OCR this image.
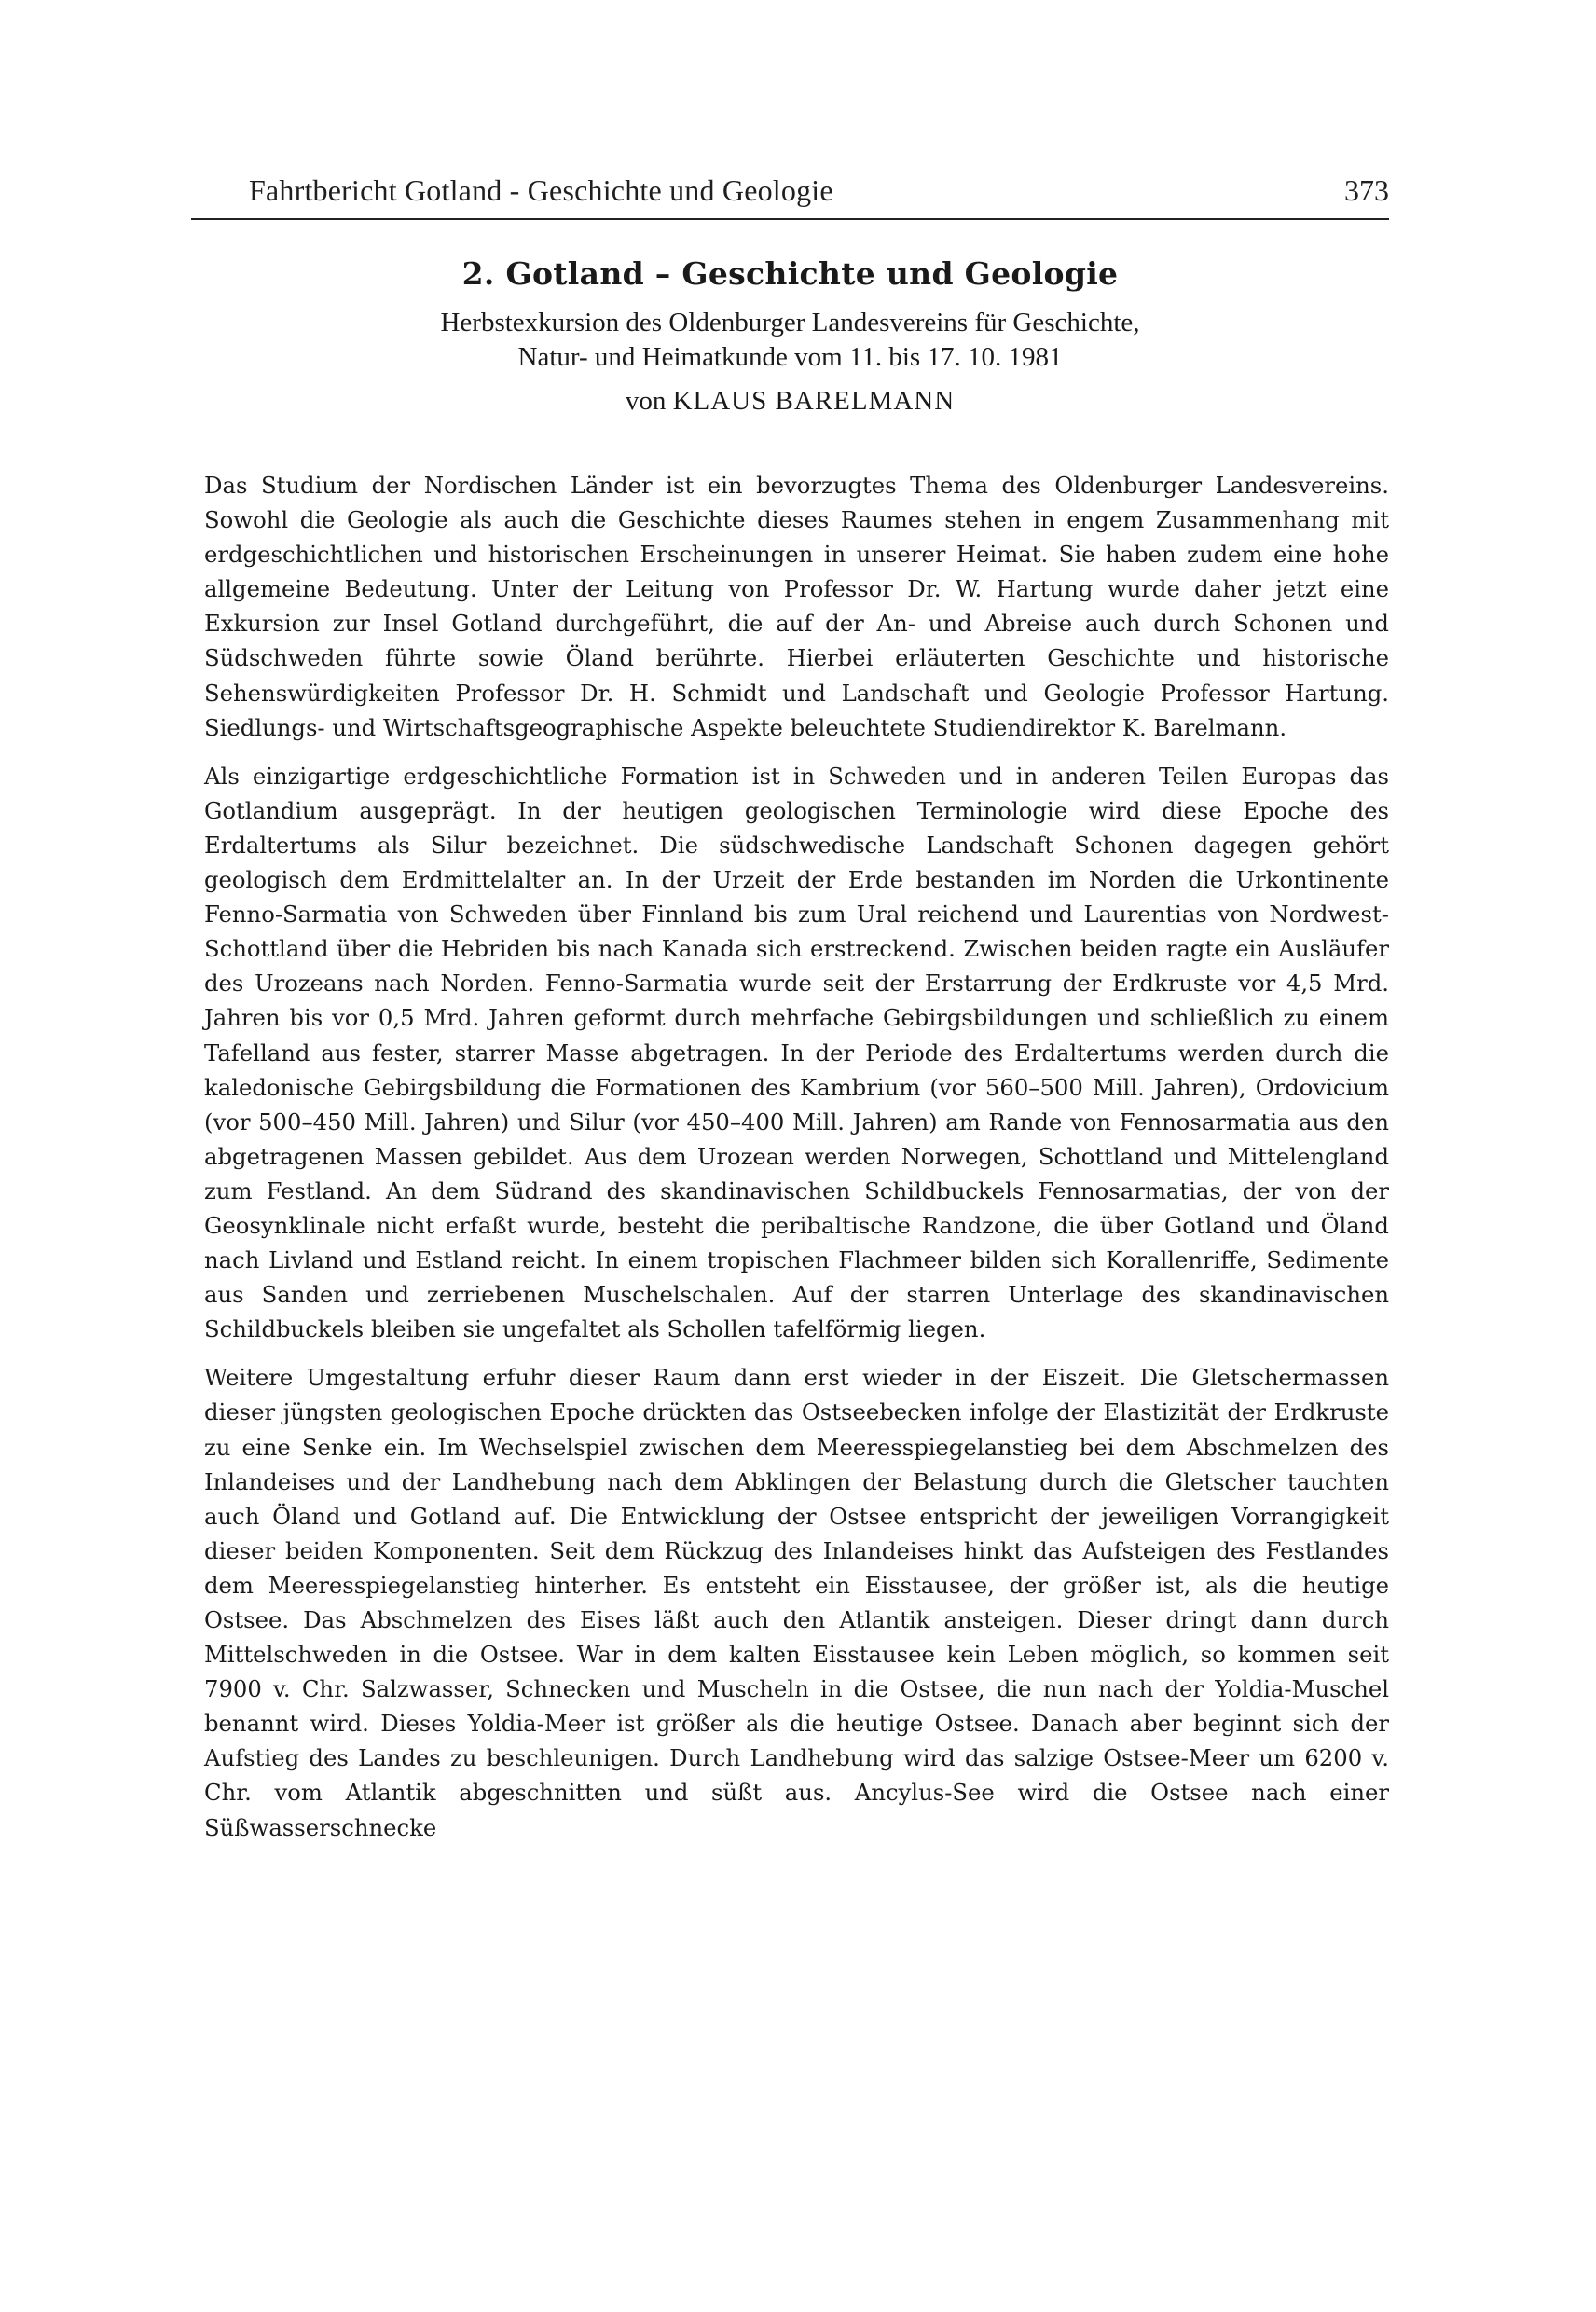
Fahrtbericht Gotland - Geschichte und Geologie	373
2. Gotland – Geschichte und Geologie

Herbstexkursion des Oldenburger Landesvereins für Geschichte,

Natur- und Heimatkunde vom 11. bis 17. 10. 1981

von KLAUS BARELMANN

Das Studium der Nordischen Länder ist ein bevorzugtes Thema des Oldenburger Landesvereins. Sowohl die Geologie als auch die Geschichte dieses Raumes stehen in engem Zusammenhang mit erdgeschichtlichen und historischen Erscheinungen in unserer Heimat. Sie haben zudem eine hohe allgemeine Bedeutung. Unter der Leitung von Professor Dr. W. Hartung wurde daher jetzt eine Exkursion zur Insel Gotland durchgeführt, die auf der An- und Abreise auch durch Schonen und Südschweden führte sowie Öland berührte. Hierbei erläuterten Geschichte und historische Sehenswürdigkeiten Professor Dr. H. Schmidt und Landschaft und Geologie Professor Hartung. Siedlungs- und Wirtschaftsgeographische Aspekte beleuchtete Studiendirektor K. Barelmann.

Als einzigartige erdgeschichtliche Formation ist in Schweden und in anderen Teilen Europas das Gotlandium ausgeprägt. In der heutigen geologischen Terminologie wird diese Epoche des Erdaltertums als Silur bezeichnet. Die südschwedische Landschaft Schonen dagegen gehört geologisch dem Erdmittelalter an. In der Urzeit der Erde bestanden im Norden die Urkontinente Fenno-Sarmatia von Schweden über Finnland bis zum Ural reichend und Laurentias von Nordwest-Schottland über die Hebriden bis nach Kanada sich erstreckend. Zwischen beiden ragte ein Ausläufer des Urozeans nach Norden. Fenno-Sarmatia wurde seit der Erstarrung der Erdkruste vor 4,5 Mrd. Jahren bis vor 0,5 Mrd. Jahren geformt durch mehrfache Gebirgsbildungen und schließlich zu einem Tafelland aus fester, starrer Masse abgetragen. In der Periode des Erdaltertums werden durch die kaledonische Gebirgsbildung die Formationen des Kambrium (vor 560–500 Mill. Jahren), Ordovicium (vor 500–450 Mill. Jahren) und Silur (vor 450–400 Mill. Jahren) am Rande von Fennosarmatia aus den abgetragenen Massen gebildet. Aus dem Urozean werden Norwegen, Schottland und Mittelengland zum Festland. An dem Südrand des skandinavischen Schildbuckels Fennosarmatias, der von der Geosynklinale nicht erfaßt wurde, besteht die peribaltische Randzone, die über Gotland und Öland nach Livland und Estland reicht. In einem tropischen Flachmeer bilden sich Korallenriffe, Sedimente aus Sanden und zerriebenen Muschelschalen. Auf der starren Unterlage des skandinavischen Schildbuckels bleiben sie ungefaltet als Schollen tafelförmig liegen.

Weitere Umgestaltung erfuhr dieser Raum dann erst wieder in der Eiszeit. Die Gletschermassen dieser jüngsten geologischen Epoche drückten das Ostseebecken infolge der Elastizität der Erdkruste zu eine Senke ein. Im Wechselspiel zwischen dem Meeresspiegelanstieg bei dem Abschmelzen des Inlandeises und der Landhebung nach dem Abklingen der Belastung durch die Gletscher tauchten auch Öland und Gotland auf. Die Entwicklung der Ostsee entspricht der jeweiligen Vorrangigkeit dieser beiden Komponenten. Seit dem Rückzug des Inlandeises hinkt das Aufsteigen des Festlandes dem Meeresspiegelanstieg hinterher. Es entsteht ein Eisstausee, der größer ist, als die heutige Ostsee. Das Abschmelzen des Eises läßt auch den Atlantik ansteigen. Dieser dringt dann durch Mittelschweden in die Ostsee. War in dem kalten Eisstausee kein Leben möglich, so kommen seit 7900 v. Chr. Salzwasser, Schnecken und Muscheln in die Ostsee, die nun nach der Yoldia-Muschel benannt wird. Dieses Yoldia-Meer ist größer als die heutige Ostsee. Danach aber beginnt sich der Aufstieg des Landes zu beschleunigen. Durch Landhebung wird das salzige Ostsee-Meer um 6200 v. Chr. vom Atlantik abgeschnitten und süßt aus. Ancylus-See wird die Ostsee nach einer Süßwasserschnecke
